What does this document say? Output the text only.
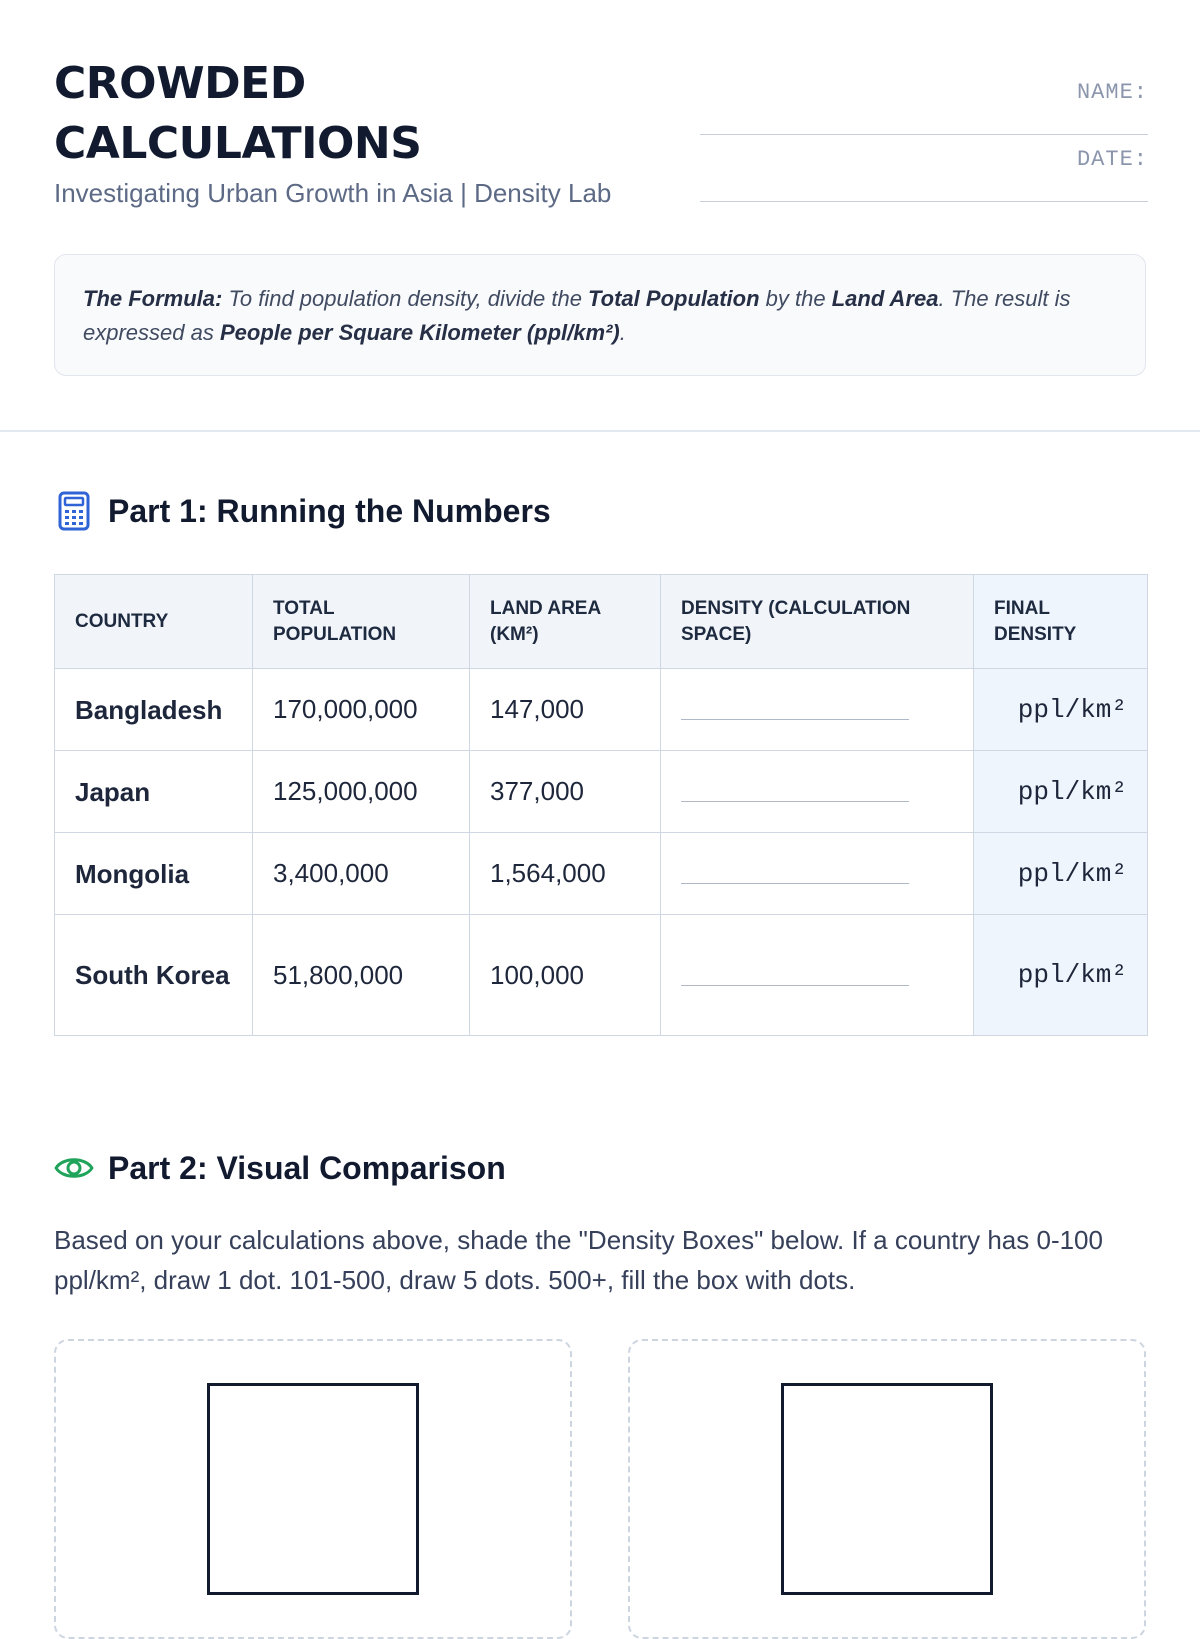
CROWDED
CALCULATIONS

Investigating Urban Growth in Asia | Density Lab

NAME:
DATE:
The Formula: To find population density, divide the Total Population by the Land Area. The result is expressed as People per Square Kilometer (ppl/km²).
Part 1: Running the Numbers
COUNTRY	TOTAL POPULATION	LAND AREA (KM²)	DENSITY (CALCULATION SPACE)	FINAL DENSITY
Bangladesh	170,000,000	147,000		ppl/km²
Japan	125,000,000	377,000		ppl/km²
Mongolia	3,400,000	1,564,000		ppl/km²
South Korea	51,800,000	100,000		ppl/km²
Part 2: Visual Comparison

Based on your calculations above, shade the "Density Boxes" below. If a country has 0-100 ppl/km², draw 1 dot. 101-500, draw 5 dots. 500+, fill the box with dots.
